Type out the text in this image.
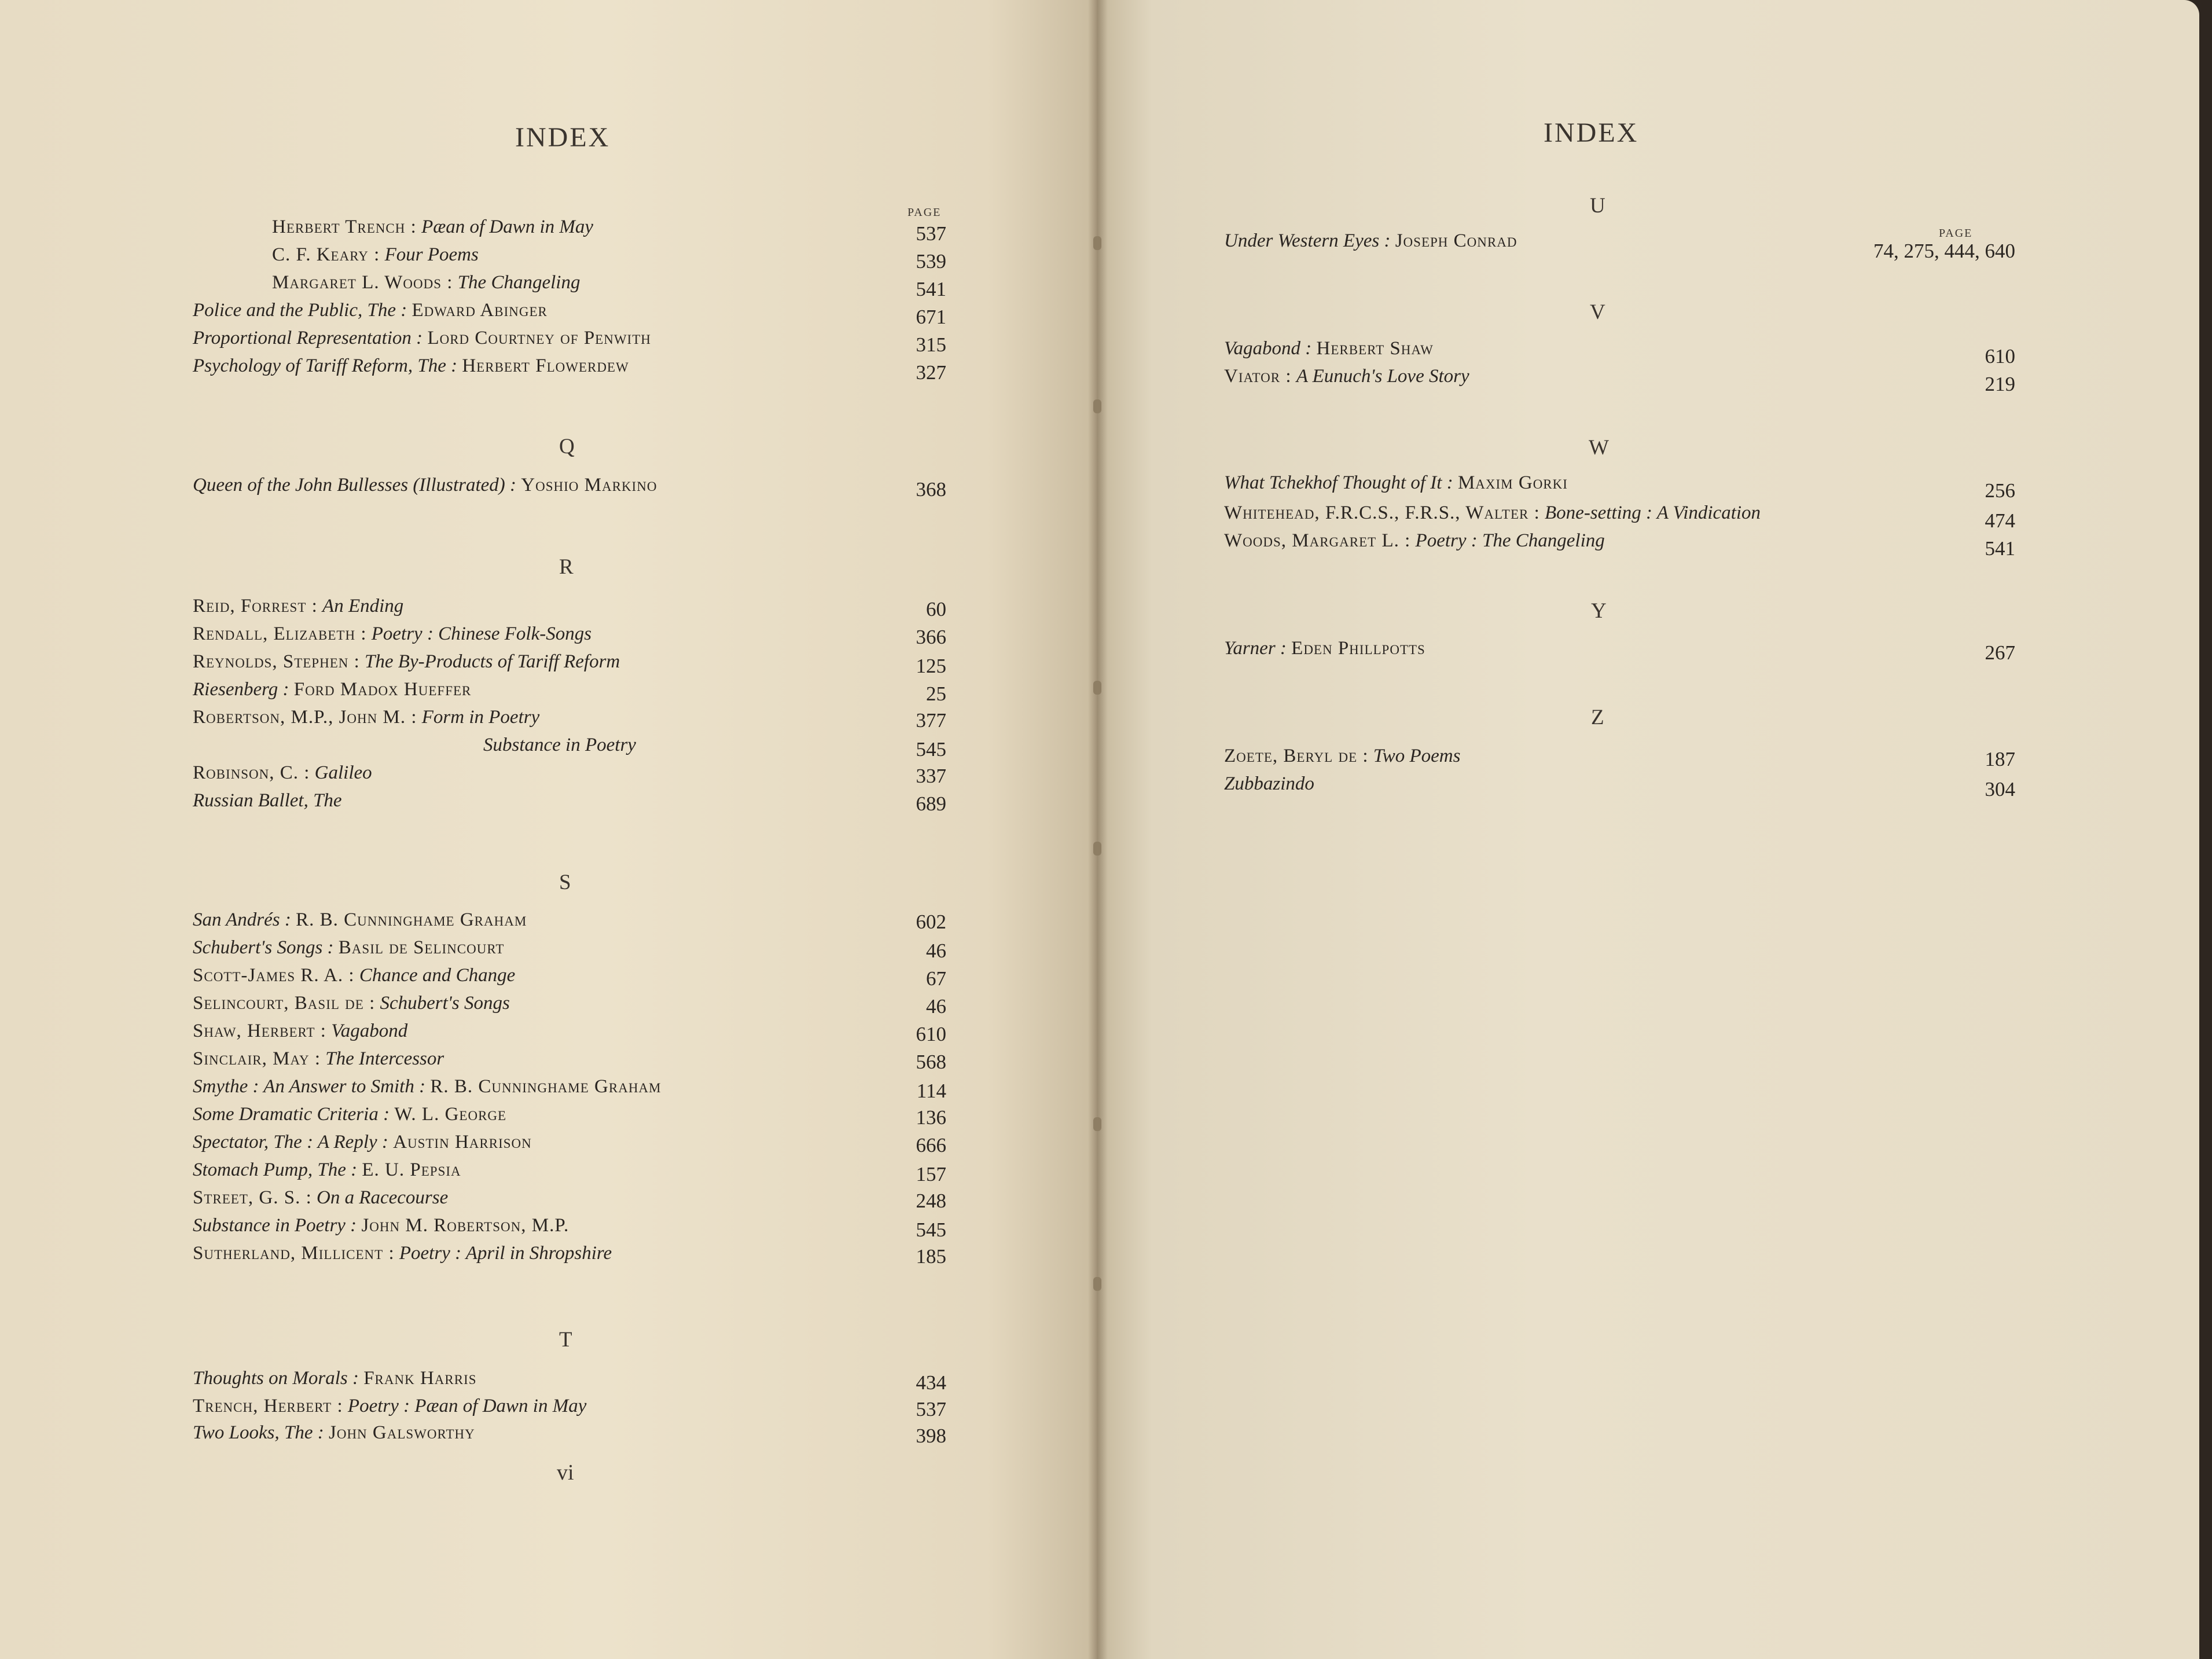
INDEX
PAGE
Herbert Trench : Pæan of Dawn in May	537
C. F. Keary : Four Poems	539
Margaret L. Woods : The Changeling	541
Police and the Public, The : Edward Abinger	671
Proportional Representation : Lord Courtney of Penwith	315
Psychology of Tariff Reform, The : Herbert Flowerdew	327
Q
Queen of the John Bullesses (Illustrated) : Yoshio Markino	368
R
Reid, Forrest : An Ending	60
Rendall, Elizabeth : Poetry : Chinese Folk-Songs	366
Reynolds, Stephen : The By-Products of Tariff Reform	125
Riesenberg : Ford Madox Hueffer	25
Robertson, M.P., John M. : Form in Poetry	377
Substance in Poetry	545
Robinson, C. : Galileo	337
Russian Ballet, The	689
S
San Andrés : R. B. Cunninghame Graham	602
Schubert's Songs : Basil de Selincourt	46
Scott-James R. A. : Chance and Change	67
Selincourt, Basil de : Schubert's Songs	46
Shaw, Herbert : Vagabond	610
Sinclair, May : The Intercessor	568
Smythe : An Answer to Smith : R. B. Cunninghame Graham	114
Some Dramatic Criteria : W. L. George	136
Spectator, The : A Reply : Austin Harrison	666
Stomach Pump, The : E. U. Pepsia	157
Street, G. S. : On a Racecourse	248
Substance in Poetry : John M. Robertson, M.P.	545
Sutherland, Millicent : Poetry : April in Shropshire	185
T
Thoughts on Morals : Frank Harris	434
Trench, Herbert : Poetry : Pæan of Dawn in May	537
Two Looks, The : John Galsworthy	398
vi
INDEX
U
PAGE
Under Western Eyes : Joseph Conrad	74, 275, 444, 640
V
Vagabond : Herbert Shaw	610
Viator : A Eunuch's Love Story	219
W
What Tchekhof Thought of It : Maxim Gorki	256
Whitehead, F.R.C.S., F.R.S., Walter : Bone-setting : A Vindication	474
Woods, Margaret L. : Poetry : The Changeling	541
Y
Yarner : Eden Phillpotts	267
Z
Zoete, Beryl de : Two Poems	187
Zubbazindo	304
